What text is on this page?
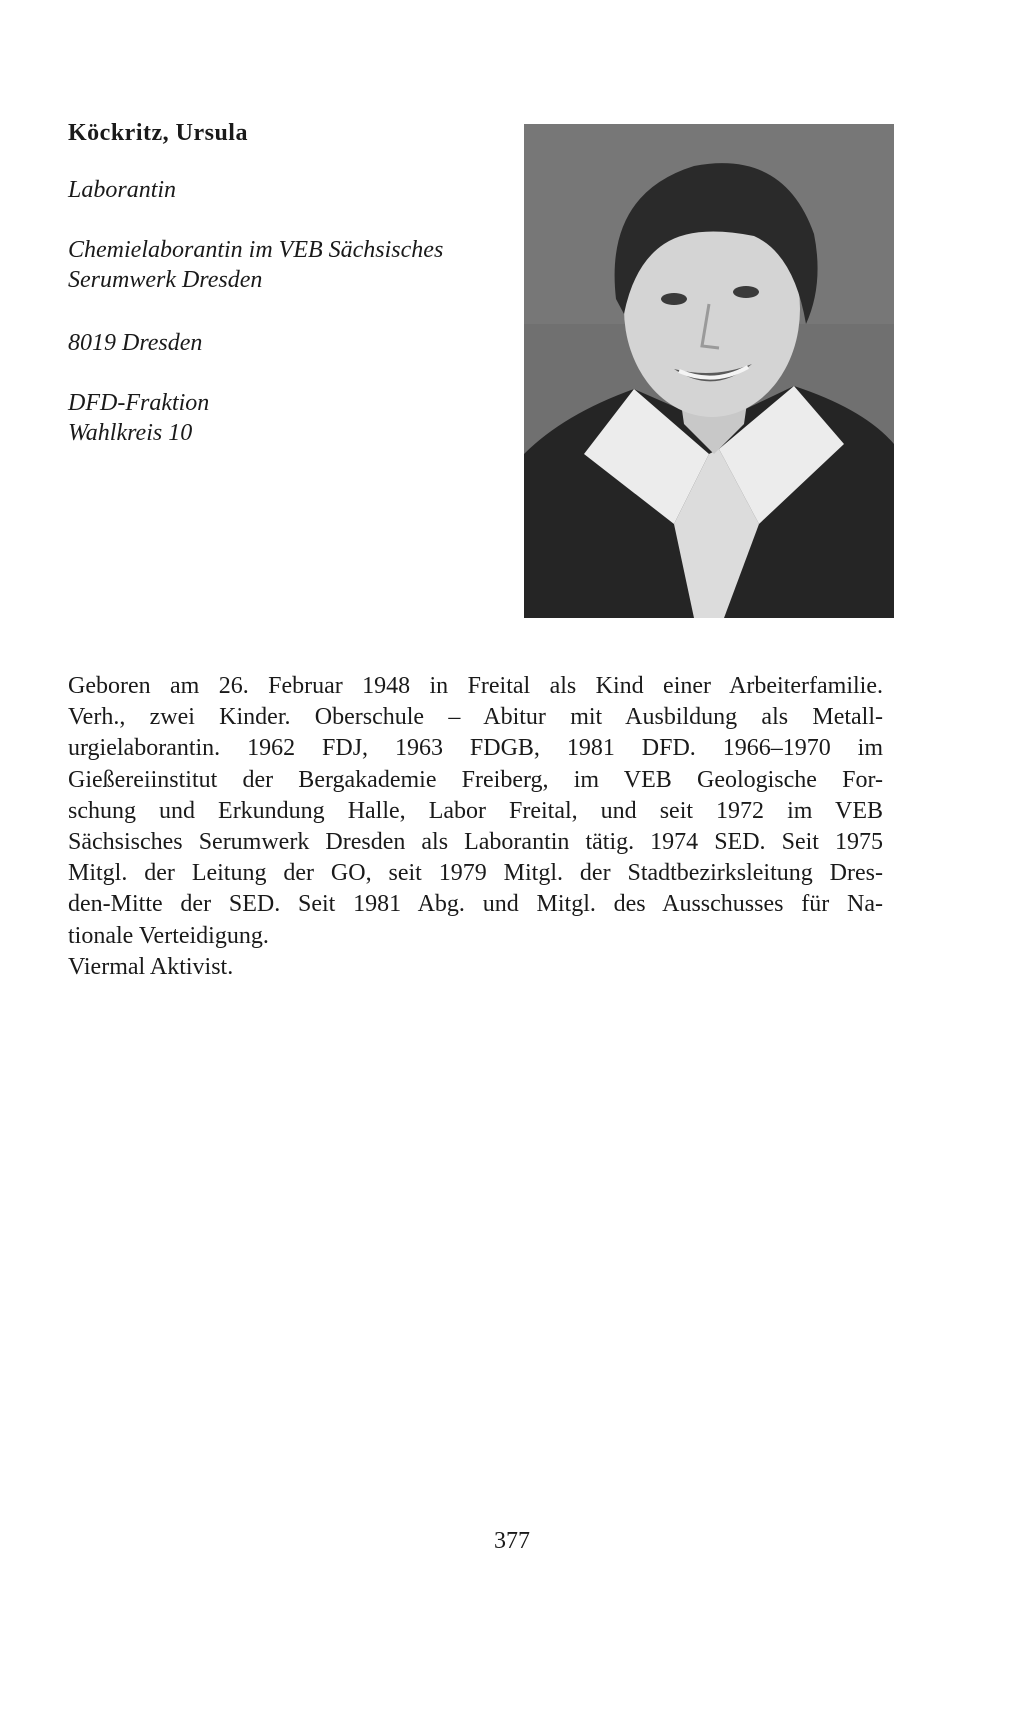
Köckritz, Ursula

Laborantin

Chemielaborantin im VEB Sächsisches
Serumwerk Dresden

8019 Dresden

DFD-Fraktion
Wahlkreis 10

Geboren am 26. Februar 1948 in Freital als Kind einer Arbeiterfamilie.
Verh., zwei Kinder. Oberschule – Abitur mit Ausbildung als Metall-
urgielaborantin. 1962 FDJ, 1963 FDGB, 1981 DFD. 1966–1970 im
Gießereiinstitut der Bergakademie Freiberg, im VEB Geologische For-
schung und Erkundung Halle, Labor Freital, und seit 1972 im VEB
Sächsisches Serumwerk Dresden als Laborantin tätig. 1974 SED. Seit 1975
Mitgl. der Leitung der GO, seit 1979 Mitgl. der Stadtbezirksleitung Dres-
den-Mitte der SED. Seit 1981 Abg. und Mitgl. des Ausschusses für Na-
tionale Verteidigung.
Viermal Aktivist.

377
